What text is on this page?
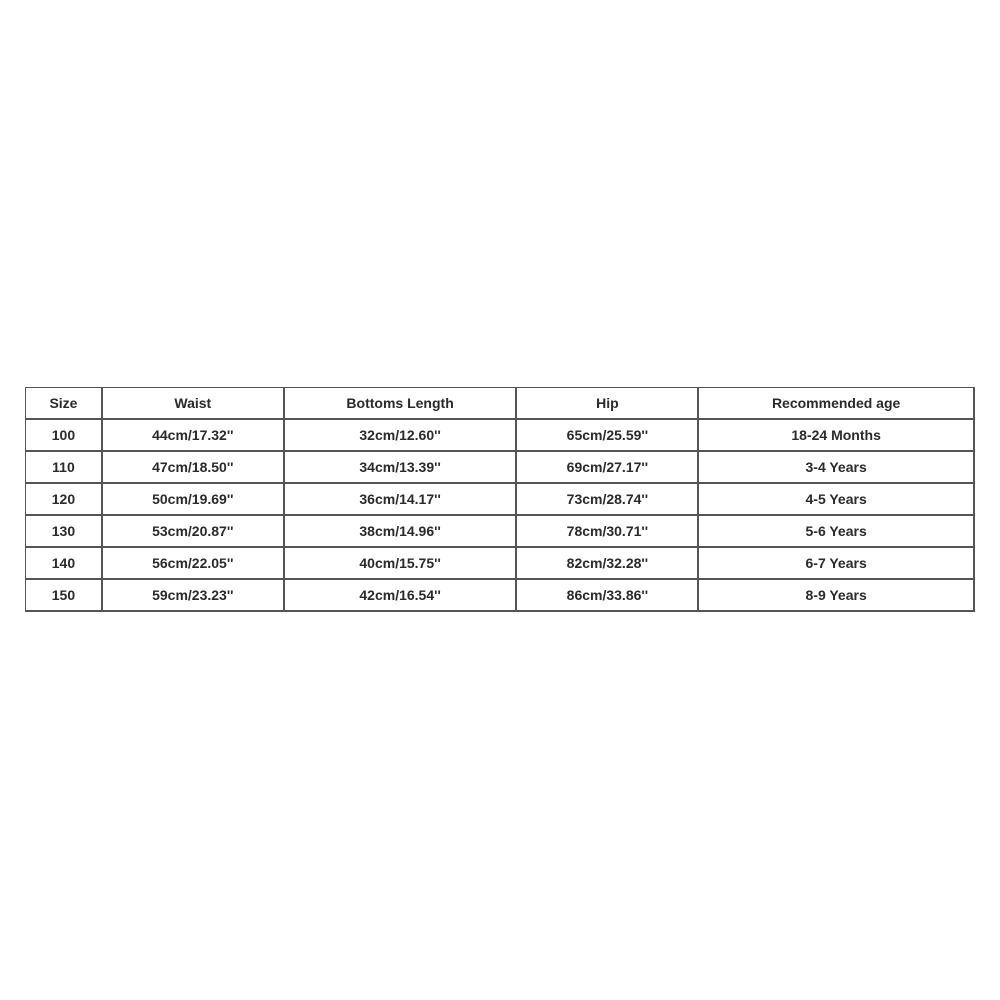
Size	Waist	Bottoms Length	Hip	Recommended age
100	44cm/17.32''	32cm/12.60''	65cm/25.59''	18-24 Months
110	47cm/18.50''	34cm/13.39''	69cm/27.17''	3-4 Years
120	50cm/19.69''	36cm/14.17''	73cm/28.74''	4-5 Years
130	53cm/20.87''	38cm/14.96''	78cm/30.71''	5-6 Years
140	56cm/22.05''	40cm/15.75''	82cm/32.28''	6-7 Years
150	59cm/23.23''	42cm/16.54''	86cm/33.86''	8-9 Years
